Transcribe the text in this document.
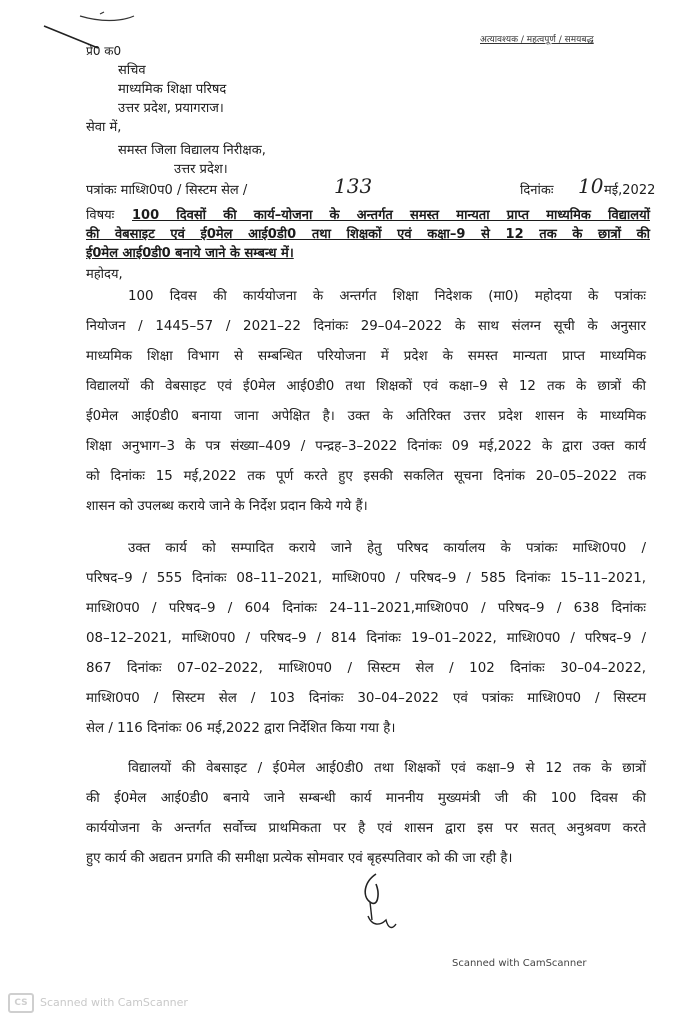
प्रे0 क0
अत्यावश्यक / महत्वपूर्ण / समयबद्ध
सचिव
माध्यमिक शिक्षा परिषद
उत्तर प्रदेश, प्रयागराज।
सेवा में,
समस्त जिला विद्यालय निरीक्षक,
उत्तर प्रदेश।
पत्रांकः माध्शि0प0 / सिस्टम सेल /	133	दिनांकः 10 मई,2022
विषयः 100 दिवसों की कार्य–योजना के अन्तर्गत समस्त मान्यता प्राप्त माध्यमिक विद्यालयों
की वेबसाइट एवं ई0मेल आई0डी0 तथा शिक्षकों एवं कक्षा–9 से 12 तक के छात्रों की
ई0मेल आई0डी0 बनाये जाने के सम्बन्ध में।
महोदय,
100 दिवस की कार्ययोजना के अन्तर्गत शिक्षा निदेशक (मा0) महोदया के पत्रांकः
नियोजन / 1445–57 / 2021–22 दिनांकः 29–04–2022 के साथ संलग्न सूची के अनुसार
माध्यमिक शिक्षा विभाग से सम्बन्धित परियोजना में प्रदेश के समस्त मान्यता प्राप्त माध्यमिक
विद्यालयों की वेबसाइट एवं ई0मेल आई0डी0 तथा शिक्षकों एवं कक्षा–9 से 12 तक के छात्रों की
ई0मेल आई0डी0 बनाया जाना अपेक्षित है। उक्त के अतिरिक्त उत्तर प्रदेश शासन के माध्यमिक
शिक्षा अनुभाग–3 के पत्र संख्या–409 / पन्द्रह–3–2022 दिनांकः 09 मई,2022 के द्वारा उक्त कार्य
को दिनांकः 15 मई,2022 तक पूर्ण करते हुए इसकी सकलित सूचना दिनांक 20–05–2022 तक
शासन को उपलब्ध कराये जाने के निर्देश प्रदान किये गये हैं।
उक्त कार्य को सम्पादित कराये जाने हेतु परिषद कार्यालय के पत्रांकः माध्शि0प0 /
परिषद–9 / 555 दिनांकः 08–11–2021, माध्शि0प0 / परिषद–9 / 585 दिनांकः 15–11–2021,
माध्शि0प0 / परिषद–9 / 604 दिनांकः 24–11–2021,माध्शि0प0 / परिषद–9 / 638 दिनांकः
08–12–2021, माध्शि0प0 / परिषद–9 / 814 दिनांकः 19–01–2022, माध्शि0प0 / परिषद–9 /
867 दिनांकः 07–02–2022, माध्शि0प0 / सिस्टम सेल / 102 दिनांकः 30–04–2022,
माध्शि0प0 / सिस्टम सेल / 103 दिनांकः 30–04–2022 एवं पत्रांकः माध्शि0प0 / सिस्टम
सेल / 116 दिनांकः 06 मई,2022 द्वारा निर्देशित किया गया है।
विद्यालयों की वेबसाइट / ई0मेल आई0डी0 तथा शिक्षकों एवं कक्षा–9 से 12 तक के छात्रों
की ई0मेल आई0डी0 बनाये जाने सम्बन्धी कार्य माननीय मुख्यमंत्री जी की 100 दिवस की
कार्ययोजना के अन्तर्गत सर्वोच्च प्राथमिकता पर है एवं शासन द्वारा इस पर सतत् अनुश्रवण करते
हुए कार्य की अद्यतन प्रगति की समीक्षा प्रत्येक सोमवार एवं बृहस्पतिवार को की जा रही है।
Scanned with CamScanner
CS	Scanned with CamScanner
